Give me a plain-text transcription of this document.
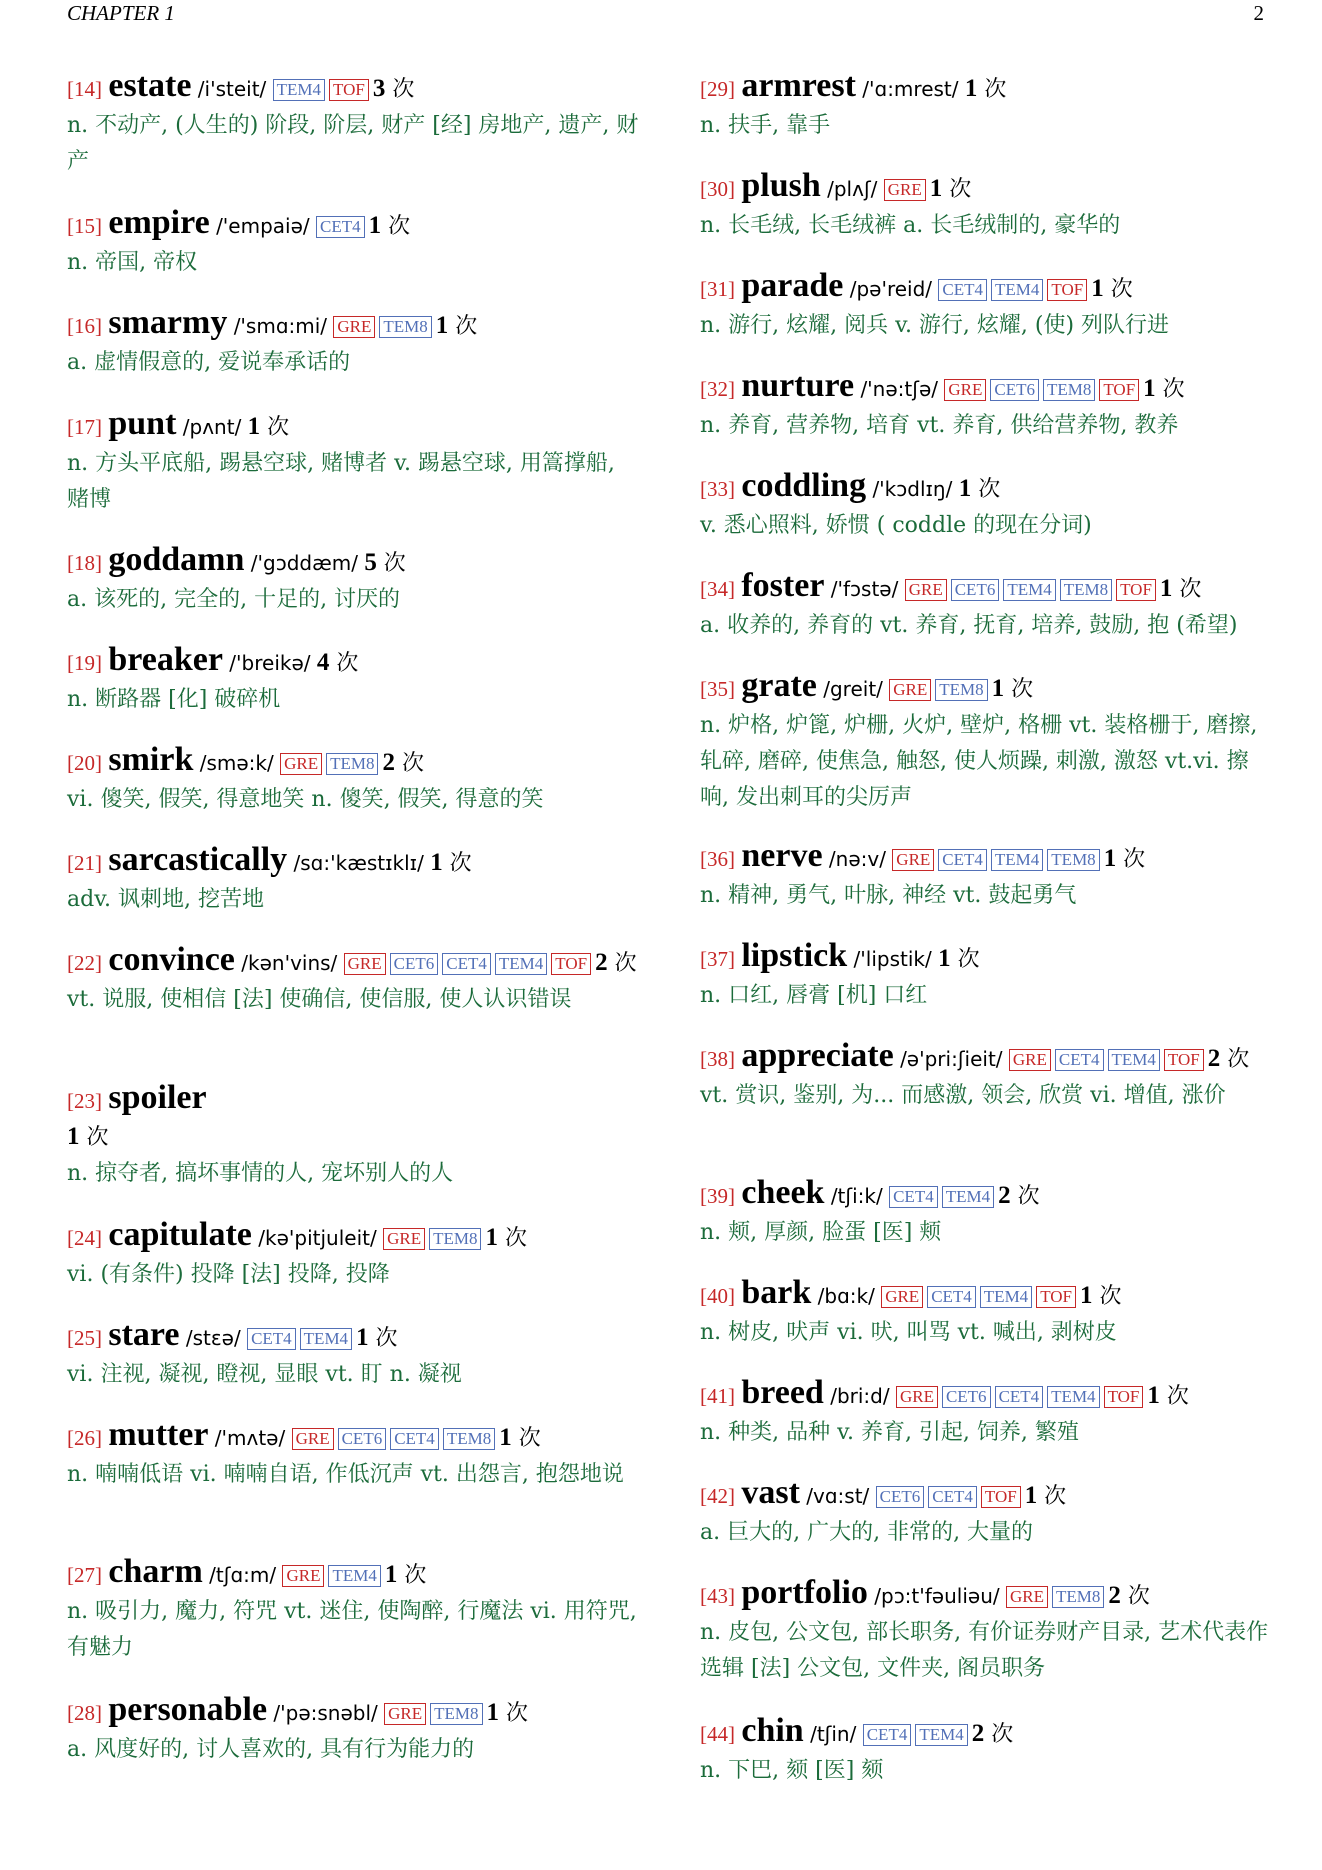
CHAPTER 1	2
[14] estate /i'steit/ TEM4 TOF 3 次
n. 不动产, (人生的) 阶段, 阶层, 财产 [经] 房地产, 遗产, 财产
[15] empire /'empaiə/ CET4 1 次
n. 帝国, 帝权
[16] smarmy /'smɑ:mi/ GRE TEM8 1 次
a. 虚情假意的, 爱说奉承话的
[17] punt /pʌnt/ 1 次
n. 方头平底船, 踢悬空球, 赌博者 v. 踢悬空球, 用篙撑船, 赌博
[18] goddamn /'gɔddæm/ 5 次
a. 该死的, 完全的, 十足的, 讨厌的
[19] breaker /'breikə/ 4 次
n. 断路器 [化] 破碎机
[20] smirk /smə:k/ GRE TEM8 2 次
vi. 傻笑, 假笑, 得意地笑 n. 傻笑, 假笑, 得意的笑
[21] sarcastically /sɑ:'kæstɪklɪ/ 1 次
adv. 讽刺地, 挖苦地
[22] convince /kən'vins/ GRE CET6 CET4 TEM4 TOF 2 次
vt. 说服, 使相信 [法] 使确信, 使信服, 使人认识错误
[23] spoiler
1 次
n. 掠夺者, 搞坏事情的人, 宠坏别人的人
[24] capitulate /kə'pitjuleit/ GRE TEM8 1 次
vi. (有条件) 投降 [法] 投降, 投降
[25] stare /stɛə/ CET4 TEM4 1 次
vi. 注视, 凝视, 瞪视, 显眼 vt. 盯 n. 凝视
[26] mutter /'mʌtə/ GRE CET6 CET4 TEM8 1 次
n. 喃喃低语 vi. 喃喃自语, 作低沉声 vt. 出怨言, 抱怨地说
[27] charm /tʃɑ:m/ GRE TEM4 1 次
n. 吸引力, 魔力, 符咒 vt. 迷住, 使陶醉, 行魔法 vi. 用符咒, 有魅力
[28] personable /'pə:snəbl/ GRE TEM8 1 次
a. 风度好的, 讨人喜欢的, 具有行为能力的
[29] armrest /'ɑ:mrest/ 1 次
n. 扶手, 靠手
[30] plush /plʌʃ/ GRE 1 次
n. 长毛绒, 长毛绒裤 a. 长毛绒制的, 豪华的
[31] parade /pə'reid/ CET4 TEM4 TOF 1 次
n. 游行, 炫耀, 阅兵 v. 游行, 炫耀, (使) 列队行进
[32] nurture /'nə:tʃə/ GRE CET6 TEM8 TOF 1 次
n. 养育, 营养物, 培育 vt. 养育, 供给营养物, 教养
[33] coddling /'kɔdlɪŋ/ 1 次
v. 悉心照料, 娇惯 ( coddle 的现在分词)
[34] foster /'fɔstə/ GRE CET6 TEM4 TEM8 TOF 1 次
a. 收养的, 养育的 vt. 养育, 抚育, 培养, 鼓励, 抱 (希望)
[35] grate /greit/ GRE TEM8 1 次
n. 炉格, 炉篦, 炉栅, 火炉, 壁炉, 格栅 vt. 装格栅于, 磨擦, 轧碎, 磨碎, 使焦急, 触怒, 使人烦躁, 刺激, 激怒 vt.vi. 擦响, 发出刺耳的尖厉声
[36] nerve /nə:v/ GRE CET4 TEM4 TEM8 1 次
n. 精神, 勇气, 叶脉, 神经 vt. 鼓起勇气
[37] lipstick /'lipstik/ 1 次
n. 口红, 唇膏 [机] 口红
[38] appreciate /ə'pri:ʃieit/ GRE CET4 TEM4 TOF 2 次
vt. 赏识, 鉴别, 为... 而感激, 领会, 欣赏 vi. 增值, 涨价
[39] cheek /tʃi:k/ CET4 TEM4 2 次
n. 颊, 厚颜, 脸蛋 [医] 颊
[40] bark /bɑ:k/ GRE CET4 TEM4 TOF 1 次
n. 树皮, 吠声 vi. 吠, 叫骂 vt. 喊出, 剥树皮
[41] breed /bri:d/ GRE CET6 CET4 TEM4 TOF 1 次
n. 种类, 品种 v. 养育, 引起, 饲养, 繁殖
[42] vast /vɑ:st/ CET6 CET4 TOF 1 次
a. 巨大的, 广大的, 非常的, 大量的
[43] portfolio /pɔ:t'fəuliəu/ GRE TEM8 2 次
n. 皮包, 公文包, 部长职务, 有价证券财产目录, 艺术代表作选辑 [法] 公文包, 文件夹, 阁员职务
[44] chin /tʃin/ CET4 TEM4 2 次
n. 下巴, 颏 [医] 颏
